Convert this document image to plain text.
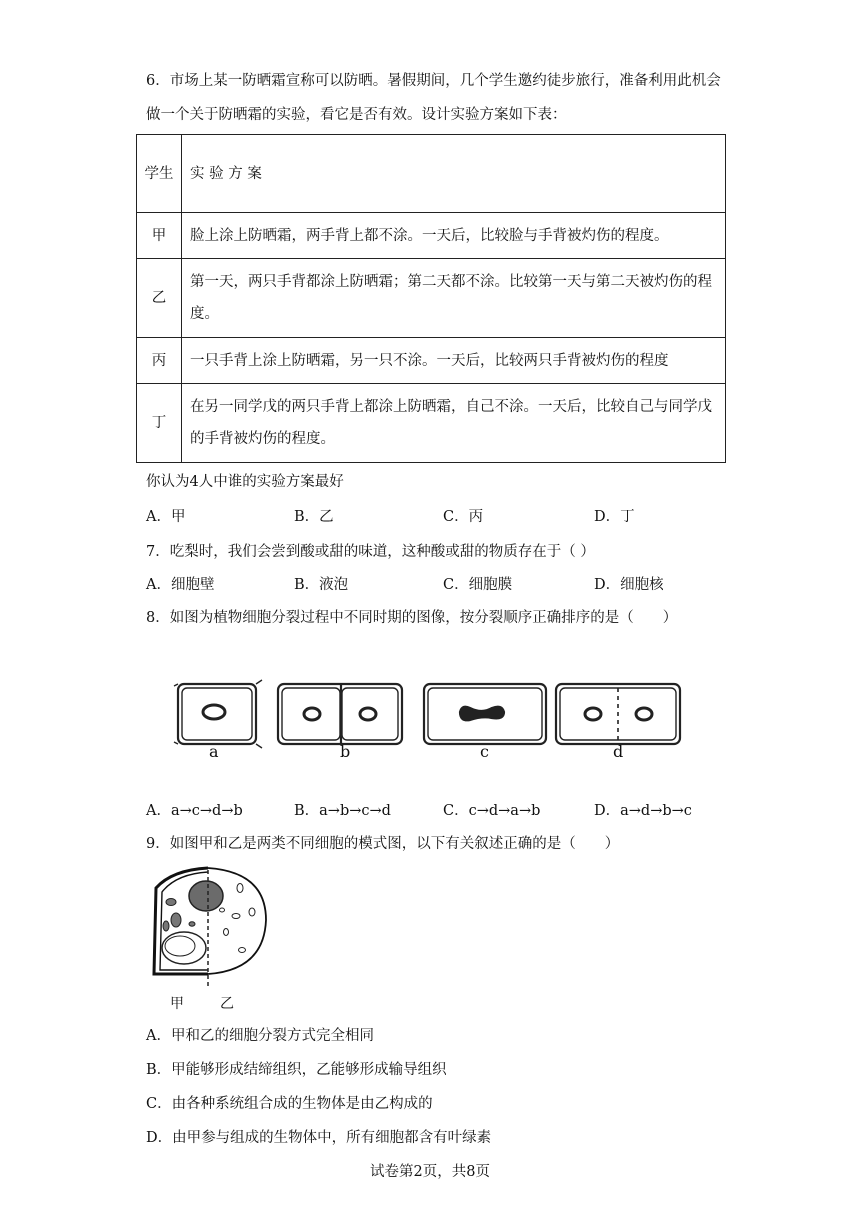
6．市场上某一防晒霜宣称可以防晒。暑假期间，几个学生邀约徒步旅行，准备利用此机会做一个关于防晒霜的实验，看它是否有效。设计实验方案如下表：
学生	实 验 方 案
甲	脸上涂上防晒霜，两手背上都不涂。一天后，比较脸与手背被灼伤的程度。
乙	第一天，两只手背都涂上防晒霜；第二天都不涂。比较第一天与第二天被灼伤的程度。
丙	一只手背上涂上防晒霜，另一只不涂。一天后，比较两只手背被灼伤的程度
丁	在另一同学戊的两只手背上都涂上防晒霜，自己不涂。一天后，比较自己与同学戊的手背被灼伤的程度。
你认为4人中谁的实验方案最好
A．甲	B．乙	C．丙	D．丁
7．吃梨时，我们会尝到酸或甜的味道，这种酸或甜的物质存在于（ ）
A．细胞壁	B．液泡	C．细胞膜	D．细胞核
8．如图为植物细胞分裂过程中不同时期的图像，按分裂顺序正确排序的是（　　）
a	b	c	d
A．a→c→d→b	B．a→b→c→d	C．c→d→a→b	D．a→d→b→c
9．如图甲和乙是两类不同细胞的模式图，以下有关叙述正确的是（　　）
甲	乙
A．甲和乙的细胞分裂方式完全相同
B．甲能够形成结缔组织，乙能够形成输导组织
C．由各种系统组合成的生物体是由乙构成的
D．由甲参与组成的生物体中，所有细胞都含有叶绿素
试卷第2页，共8页
